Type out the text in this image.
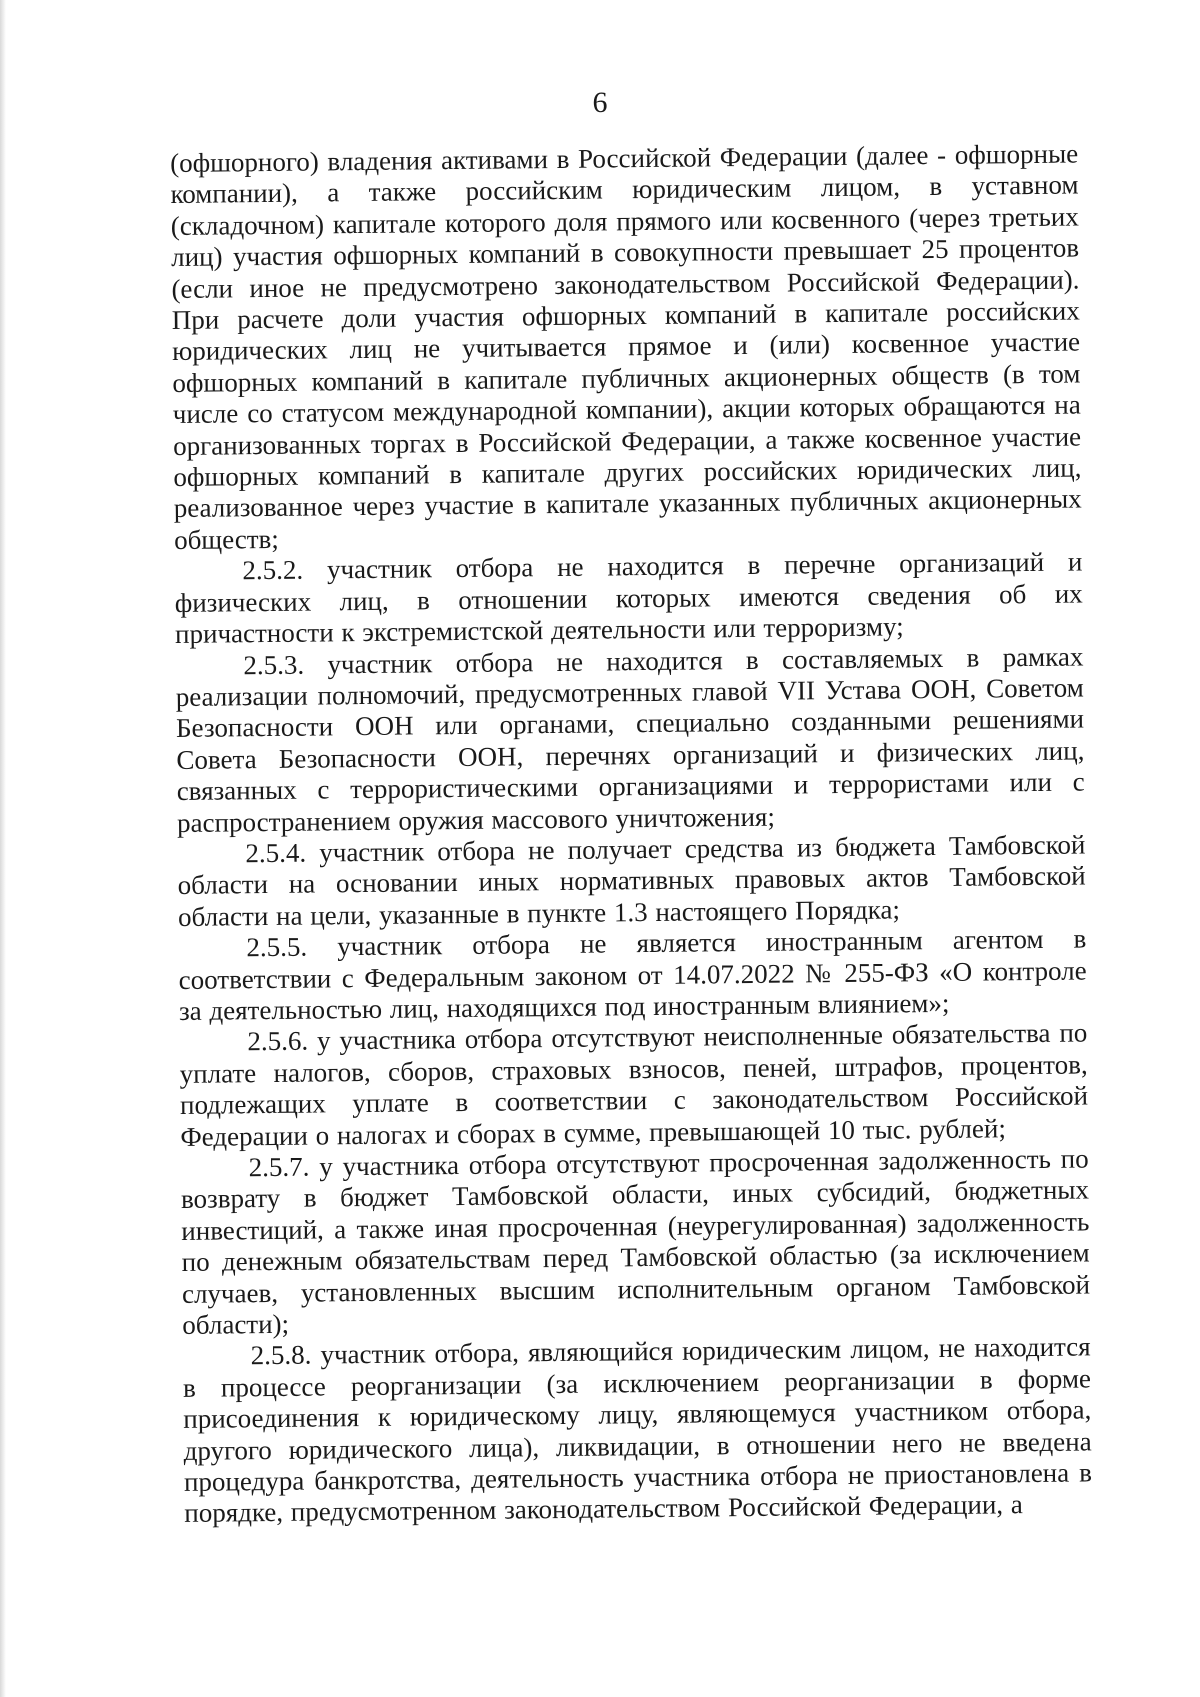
6

(офшорного) владения активами в Российской Федерации (далее - офшорные компании), а также российским юридическим лицом, в уставном (складочном) капитале которого доля прямого или косвенного (через третьих лиц) участия офшорных компаний в совокупности превышает 25 процентов (если иное не предусмотрено законодательством Российской Федерации). При расчете доли участия офшорных компаний в капитале российских юридических лиц не учитывается прямое и (или) косвенное участие офшорных компаний в капитале публичных акционерных обществ (в том числе со статусом международной компании), акции которых обращаются на организованных торгах в Российской Федерации, а также косвенное участие офшорных компаний в капитале других российских юридических лиц, реализованное через участие в капитале указанных публичных акционерных обществ;

2.5.2. участник отбора не находится в перечне организаций и физических лиц, в отношении которых имеются сведения об их причастности к экстремистской деятельности или терроризму;

2.5.3. участник отбора не находится в составляемых в рамках реализации полномочий, предусмотренных главой VII Устава ООН, Советом Безопасности ООН или органами, специально созданными решениями Совета Безопасности ООН, перечнях организаций и физических лиц, связанных с террористическими организациями и террористами или с распространением оружия массового уничтожения;

2.5.4. участник отбора не получает средства из бюджета Тамбовской области на основании иных нормативных правовых актов Тамбовской области на цели, указанные в пункте 1.3 настоящего Порядка;

2.5.5. участник отбора не является иностранным агентом в соответствии с Федеральным законом от 14.07.2022 № 255-ФЗ «О контроле за деятельностью лиц, находящихся под иностранным влиянием»;

2.5.6. у участника отбора отсутствуют неисполненные обязательства по уплате налогов, сборов, страховых взносов, пеней, штрафов, процентов, подлежащих уплате в соответствии с законодательством Российской Федерации о налогах и сборах в сумме, превышающей 10 тыс. рублей;

2.5.7. у участника отбора отсутствуют просроченная задолженность по возврату в бюджет Тамбовской области, иных субсидий, бюджетных инвестиций, а также иная просроченная (неурегулированная) задолженность по денежным обязательствам перед Тамбовской областью (за исключением случаев, установленных высшим исполнительным органом Тамбовской области);

2.5.8. участник отбора, являющийся юридическим лицом, не находится в процессе реорганизации (за исключением реорганизации в форме присоединения к юридическому лицу, являющемуся участником отбора, другого юридического лица), ликвидации, в отношении него не введена процедура банкротства, деятельность участника отбора не приостановлена в порядке, предусмотренном законодательством Российской Федерации, а
